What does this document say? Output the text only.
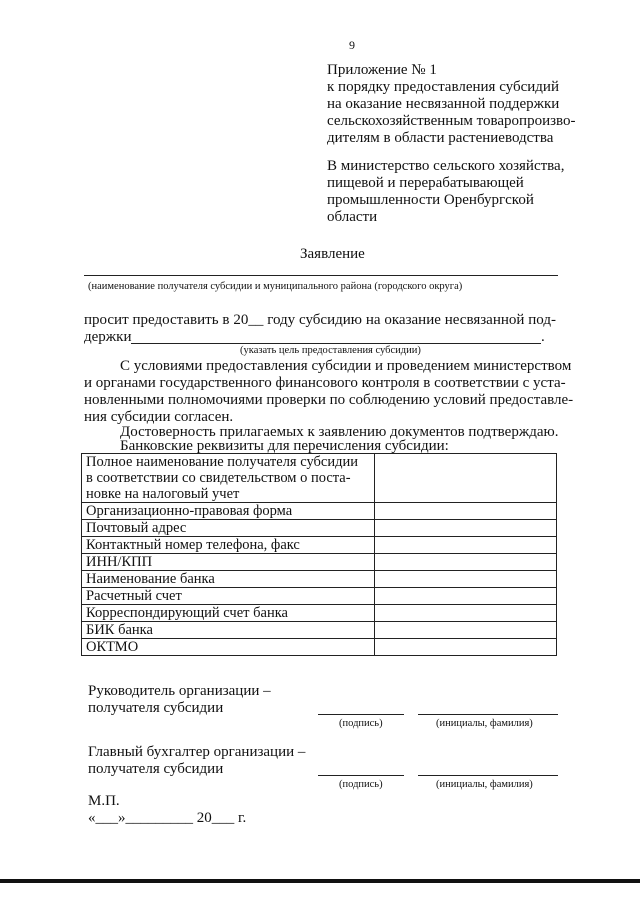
9
Приложение № 1
к порядку предоставления субсидий
на оказание несвязанной поддержки
сельскохозяйственным товаропроизво-
дителям в области растениеводства
В министерство сельского хозяйства,
пищевой и перерабатывающей
промышленности Оренбургской
области
Заявление
(наименование получателя субсидии и муниципального района (городского округа)
просит предоставить в 20__ году субсидию на оказание несвязанной под-
держки	.
(указать цель предоставления субсидии)
С условиями предоставления субсидии и проведением министерством
и органами государственного финансового контроля в соответствии с уста-
новленными полномочиями проверки по соблюдению условий предоставле-
ния субсидии согласен.
Достоверность прилагаемых к заявлению документов подтверждаю.
Банковские реквизиты для перечисления субсидии:
Полное наименование получателя субсидии
в соответствии со свидетельством о поста-
новке на налоговый учет	

Организационно-правовая форма	
Почтовый адрес	
Контактный номер телефона, факс	
ИНН/КПП	
Наименование банка	
Расчетный счет	
Корреспондирующий счет банка	
БИК банка	
ОКТМО	
Руководитель организации –
получателя субсидии
(подпись)	(инициалы, фамилия)
Главный бухгалтер организации –
получателя субсидии
(подпись)	(инициалы, фамилия)
М.П.
«___»_________ 20___ г.
